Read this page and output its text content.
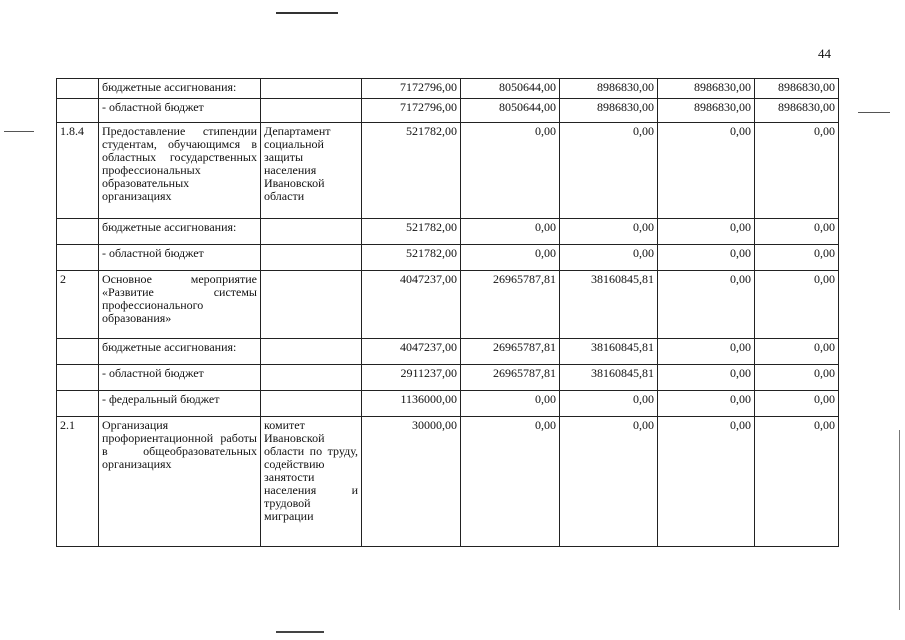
44
	бюджетные ассигнования:		7172796,00	8050644,00	8986830,00	8986830,00	8986830,00
	- областной бюджет		7172796,00	8050644,00	8986830,00	8986830,00	8986830,00
1.8.4	Предоставление стипендии студентам, обучающимся в областных государственных профессиональных образовательных организациях	Департамент социальной защиты населения Ивановской области	521782,00	0,00	0,00	0,00	0,00
	бюджетные ассигнования:		521782,00	0,00	0,00	0,00	0,00
	- областной бюджет		521782,00	0,00	0,00	0,00	0,00
2	Основное мероприятие «Развитие системы профессионального образования»		4047237,00	26965787,81	38160845,81	0,00	0,00
	бюджетные ассигнования:		4047237,00	26965787,81	38160845,81	0,00	0,00
	- областной бюджет		2911237,00	26965787,81	38160845,81	0,00	0,00
	- федеральный бюджет		1136000,00	0,00	0,00	0,00	0,00
2.1	Организация профориентационной работы в общеобразовательных организациях	комитет Ивановской области по труду, содействию занятости населения и трудовой миграции	30000,00	0,00	0,00	0,00	0,00
